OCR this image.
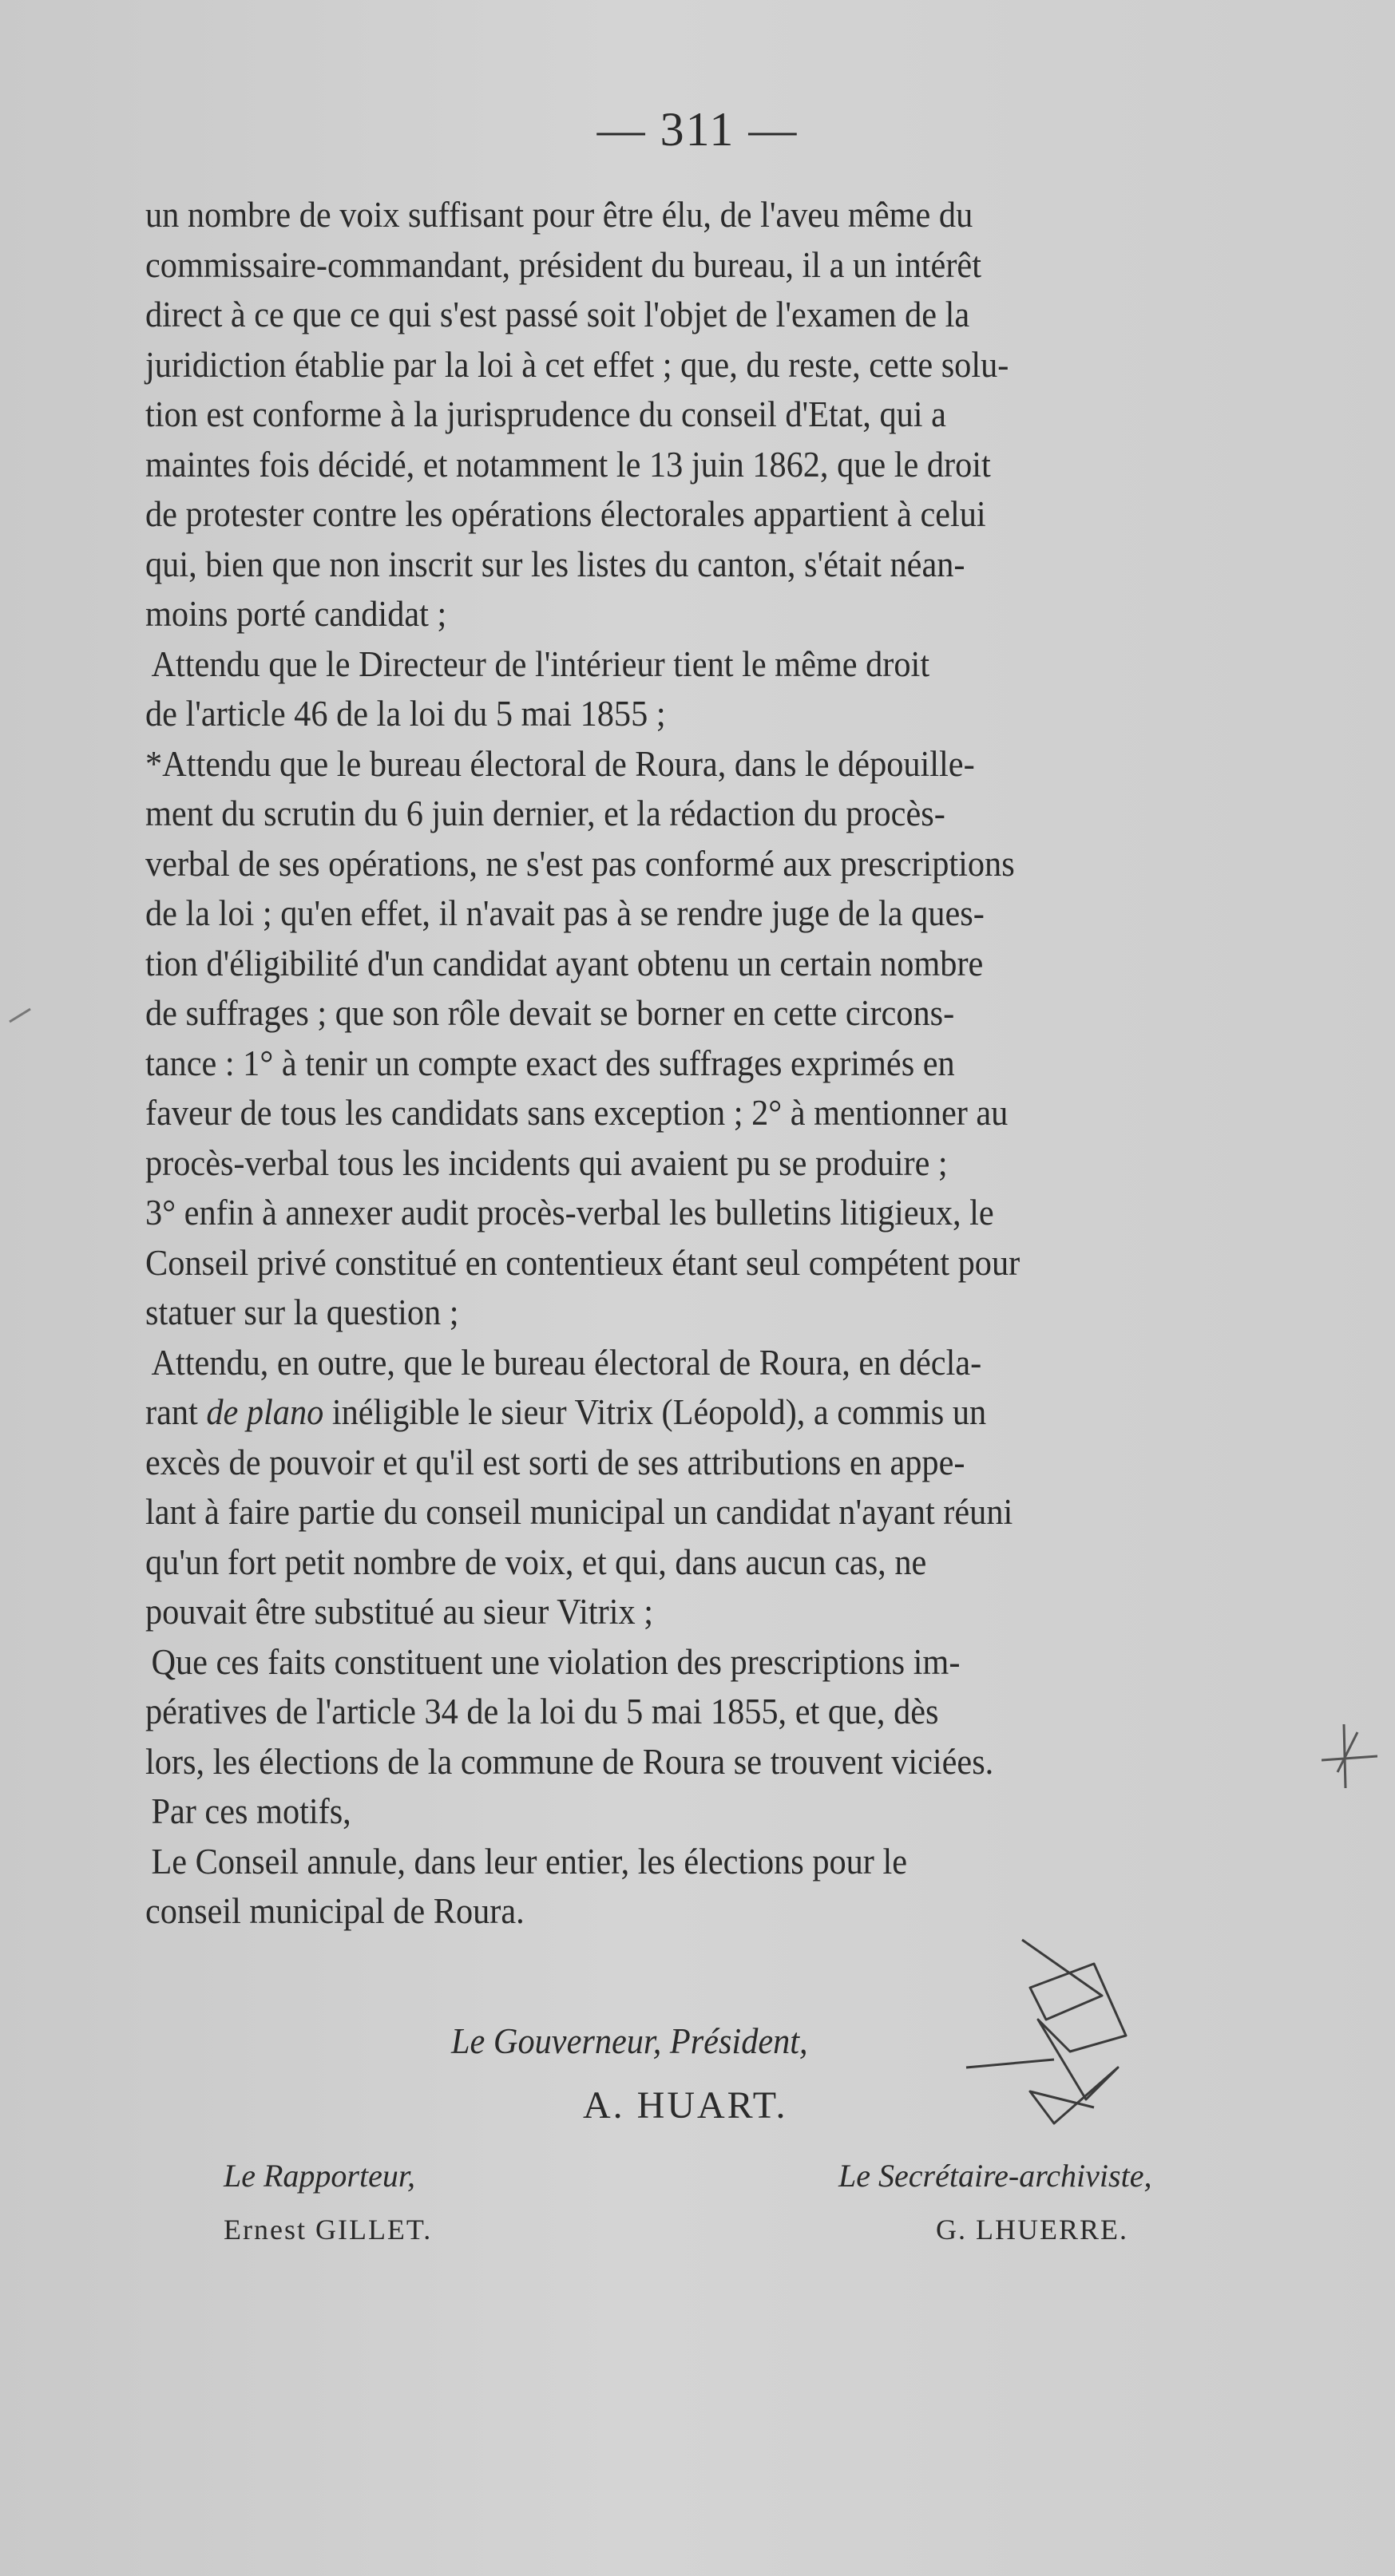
— 311 —

un nombre de voix suffisant pour être élu, de l'aveu même du

commissaire-commandant, président du bureau, il a un intérêt

direct à ce que ce qui s'est passé soit l'objet de l'examen de la

juridiction établie par la loi à cet effet ; que, du reste, cette solu-

tion est conforme à la jurisprudence du conseil d'Etat, qui a

maintes fois décidé, et notamment le 13 juin 1862, que le droit

de protester contre les opérations électorales appartient à celui

qui, bien que non inscrit sur les listes du canton, s'était néan-

moins porté candidat ;

Attendu que le Directeur de l'intérieur tient le même droit

de l'article 46 de la loi du 5 mai 1855 ;

*Attendu que le bureau électoral de Roura, dans le dépouille-

ment du scrutin du 6 juin dernier, et la rédaction du procès-

verbal de ses opérations, ne s'est pas conformé aux prescriptions

de la loi ; qu'en effet, il n'avait pas à se rendre juge de la ques-

tion d'éligibilité d'un candidat ayant obtenu un certain nombre

de suffrages ; que son rôle devait se borner en cette circons-

tance : 1° à tenir un compte exact des suffrages exprimés en

faveur de tous les candidats sans exception ; 2° à mentionner au

procès-verbal tous les incidents qui avaient pu se produire ;

3° enfin à annexer audit procès-verbal les bulletins litigieux, le

Conseil privé constitué en contentieux étant seul compétent pour

statuer sur la question ;

Attendu, en outre, que le bureau électoral de Roura, en décla-

rant de plano inéligible le sieur Vitrix (Léopold), a commis un

excès de pouvoir et qu'il est sorti de ses attributions en appe-

lant à faire partie du conseil municipal un candidat n'ayant réuni

qu'un fort petit nombre de voix, et qui, dans aucun cas, ne

pouvait être substitué au sieur Vitrix ;

Que ces faits constituent une violation des prescriptions im-

pératives de l'article 34 de la loi du 5 mai 1855, et que, dès

lors, les élections de la commune de Roura se trouvent viciées.

Par ces motifs,

Le Conseil annule, dans leur entier, les élections pour le

conseil municipal de Roura.

Le Gouverneur, Président,
A. HUART.
Le Rapporteur,
Ernest GILLET.
Le Secrétaire-archiviste,
G. LHUERRE.
